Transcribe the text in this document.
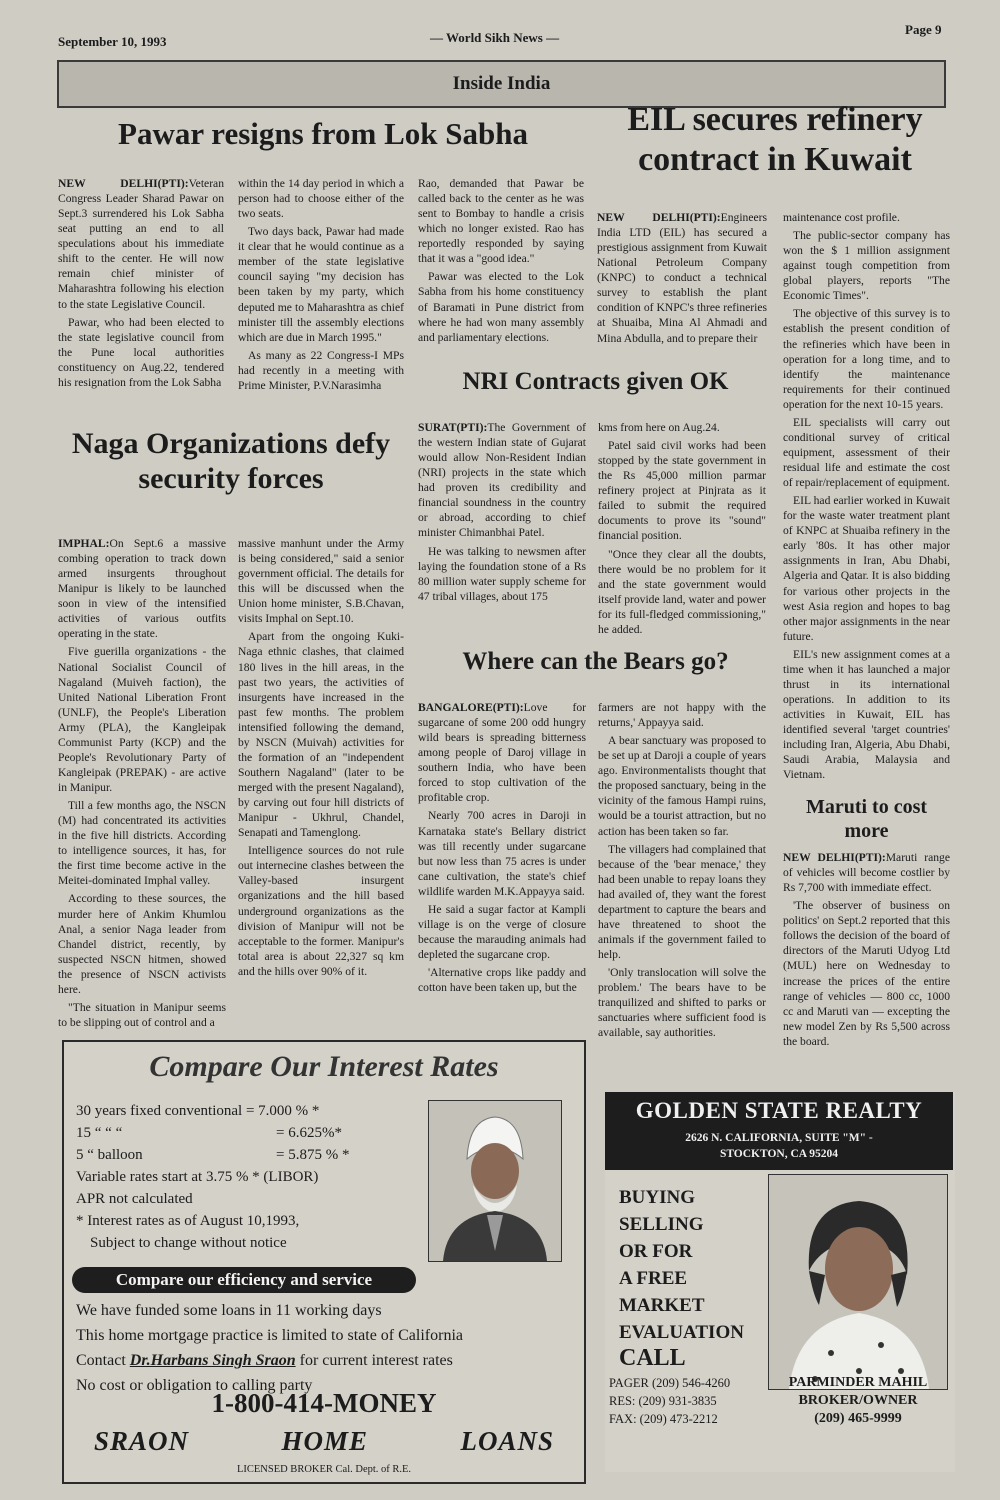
September 10, 1993	— World Sikh News —
Page 9
Inside India
Pawar resigns from Lok Sabha

NEW DELHI(PTI):Veteran Congress Leader Sharad Pawar on Sept.3 surrendered his Lok Sabha seat putting an end to all speculations about his immediate shift to the center. He will now remain chief minister of Maharashtra following his election to the state Legislative Council.

Pawar, who had been elected to the state legislative council from the Pune local authorities constituency on Aug.22, tendered his resignation from the Lok Sabha

within the 14 day period in which a person had to choose either of the two seats.

Two days back, Pawar had made it clear that he would continue as a member of the state legislative council saying "my decision has been taken by my party, which deputed me to Maharashtra as chief minister till the assembly elections which are due in March 1995."

As many as 22 Congress-I MPs had recently in a meeting with Prime Minister, P.V.Narasimha

Rao, demanded that Pawar be called back to the center as he was sent to Bombay to handle a crisis which no longer existed. Rao has reportedly responded by saying that it was a "good idea."

Pawar was elected to the Lok Sabha from his home constituency of Baramati in Pune district from where he had won many assembly and parliamentary elections.

EIL secures refinery contract in Kuwait

NEW DELHI(PTI):Engineers India LTD (EIL) has secured a prestigious assignment from Kuwait National Petroleum Company (KNPC) to conduct a technical survey to establish the plant condition of KNPC's three refineries at Shuaiba, Mina Al Ahmadi and Mina Abdulla, and to prepare their

maintenance cost profile.

The public-sector company has won the $ 1 million assignment against tough competition from global players, reports "The Economic Times".

The objective of this survey is to establish the present condition of the refineries which have been in operation for a long time, and to identify the maintenance requirements for their continued operation for the next 10-15 years.

EIL specialists will carry out conditional survey of critical equipment, assessment of their residual life and estimate the cost of repair/replacement of equipment.

EIL had earlier worked in Kuwait for the waste water treatment plant of KNPC at Shuaiba refinery in the early '80s. It has other major assignments in Iran, Abu Dhabi, Algeria and Qatar. It is also bidding for various other projects in the west Asia region and hopes to bag other major assignments in the near future.

EIL's new assignment comes at a time when it has launched a major thrust in its international operations. In addition to its activities in Kuwait, EIL has identified several 'target countries' including Iran, Algeria, Abu Dhabi, Saudi Arabia, Malaysia and Vietnam.

NRI Contracts given OK

SURAT(PTI):The Government of the western Indian state of Gujarat would allow Non-Resident Indian (NRI) projects in the state which had proven its credibility and financial soundness in the country or abroad, according to chief minister Chimanbhai Patel.

He was talking to newsmen after laying the foundation stone of a Rs 80 million water supply scheme for 47 tribal villages, about 175

kms from here on Aug.24.

Patel said civil works had been stopped by the state government in the Rs 45,000 million parmar refinery project at Pinjrata as it failed to submit the required documents to prove its "sound" financial position.

"Once they clear all the doubts, there would be no problem for it and the state government would itself provide land, water and power for its full-fledged commissioning," he added.

Naga Organizations defy security forces

IMPHAL:On Sept.6 a massive combing operation to track down armed insurgents throughout Manipur is likely to be launched soon in view of the intensified activities of various outfits operating in the state.

Five guerilla organizations - the National Socialist Council of Nagaland (Muiveh faction), the United National Liberation Front (UNLF), the People's Liberation Army (PLA), the Kangleipak Communist Party (KCP) and the People's Revolutionary Party of Kangleipak (PREPAK) - are active in Manipur.

Till a few months ago, the NSCN (M) had concentrated its activities in the five hill districts. According to intelligence sources, it has, for the first time become active in the Meitei-dominated Imphal valley.

According to these sources, the murder here of Ankim Khumlou Anal, a senior Naga leader from Chandel district, recently, by suspected NSCN hitmen, showed the presence of NSCN activists here.

"The situation in Manipur seems to be slipping out of control and a

massive manhunt under the Army is being considered," said a senior government official. The details for this will be discussed when the Union home minister, S.B.Chavan, visits Imphal on Sept.10.

Apart from the ongoing Kuki-Naga ethnic clashes, that claimed 180 lives in the hill areas, in the past two years, the activities of insurgents have increased in the past few months. The problem intensified following the demand, by NSCN (Muivah) activities for the formation of an "independent Southern Nagaland" (later to be merged with the present Nagaland), by carving out four hill districts of Manipur - Ukhrul, Chandel, Senapati and Tamenglong.

Intelligence sources do not rule out internecine clashes between the Valley-based insurgent organizations and the hill based underground organizations as the division of Manipur will not be acceptable to the former. Manipur's total area is about 22,327 sq km and the hills over 90% of it.

Where can the Bears go?

BANGALORE(PTI):Love for sugarcane of some 200 odd hungry wild bears is spreading bitterness among people of Daroj village in southern India, who have been forced to stop cultivation of the profitable crop.

Nearly 700 acres in Daroji in Karnataka state's Bellary district was till recently under sugarcane but now less than 75 acres is under cane cultivation, the state's chief wildlife warden M.K.Appayya said.

He said a sugar factor at Kampli village is on the verge of closure because the marauding animals had depleted the sugarcane crop.

'Alternative crops like paddy and cotton have been taken up, but the

farmers are not happy with the returns,' Appayya said.

A bear sanctuary was proposed to be set up at Daroji a couple of years ago. Environmentalists thought that the proposed sanctuary, being in the vicinity of the famous Hampi ruins, would be a tourist attraction, but no action has been taken so far.

The villagers had complained that because of the 'bear menace,' they had been unable to repay loans they had availed of, they want the forest department to capture the bears and have threatened to shoot the animals if the government failed to help.

'Only translocation will solve the problem.' The bears have to be tranquilized and shifted to parks or sanctuaries where sufficient food is available, say authorities.

Maruti to cost more

NEW DELHI(PTI):Maruti range of vehicles will become costlier by Rs 7,700 with immediate effect.

'The observer of business on politics' on Sept.2 reported that this follows the decision of the board of directors of the Maruti Udyog Ltd (MUL) here on Wednesday to increase the prices of the entire range of vehicles — 800 cc, 1000 cc and Maruti van — excepting the new model Zen by Rs 5,500 across the board.

Compare Our Interest Rates
30 years fixed conventional = 7.000 % *
15 “ “ “	= 6.625%*
5 “ balloon	= 5.875 % *
Variable rates start at 3.75 % * (LIBOR)
APR not calculated
* Interest rates as of August 10,1993,
Subject to change without notice
Compare our efficiency and service
We have funded some loans in 11 working days
This home mortgage practice is limited to state of California
Contact Dr.Harbans Singh Sraon for current interest rates
No cost or obligation to calling party
1-800-414-MONEY
SRAON	HOME	LOANS
LICENSED BROKER Cal. Dept. of R.E.
GOLDEN STATE REALTY
2626 N. CALIFORNIA, SUITE "M" -
STOCKTON, CA 95204
BUYING
SELLING
OR FOR
A FREE
MARKET
EVALUATION
CALL
PAGER (209) 546-4260
RES: (209) 931-3835
FAX: (209) 473-2212
PARMINDER MAHIL
BROKER/OWNER
(209) 465-9999
